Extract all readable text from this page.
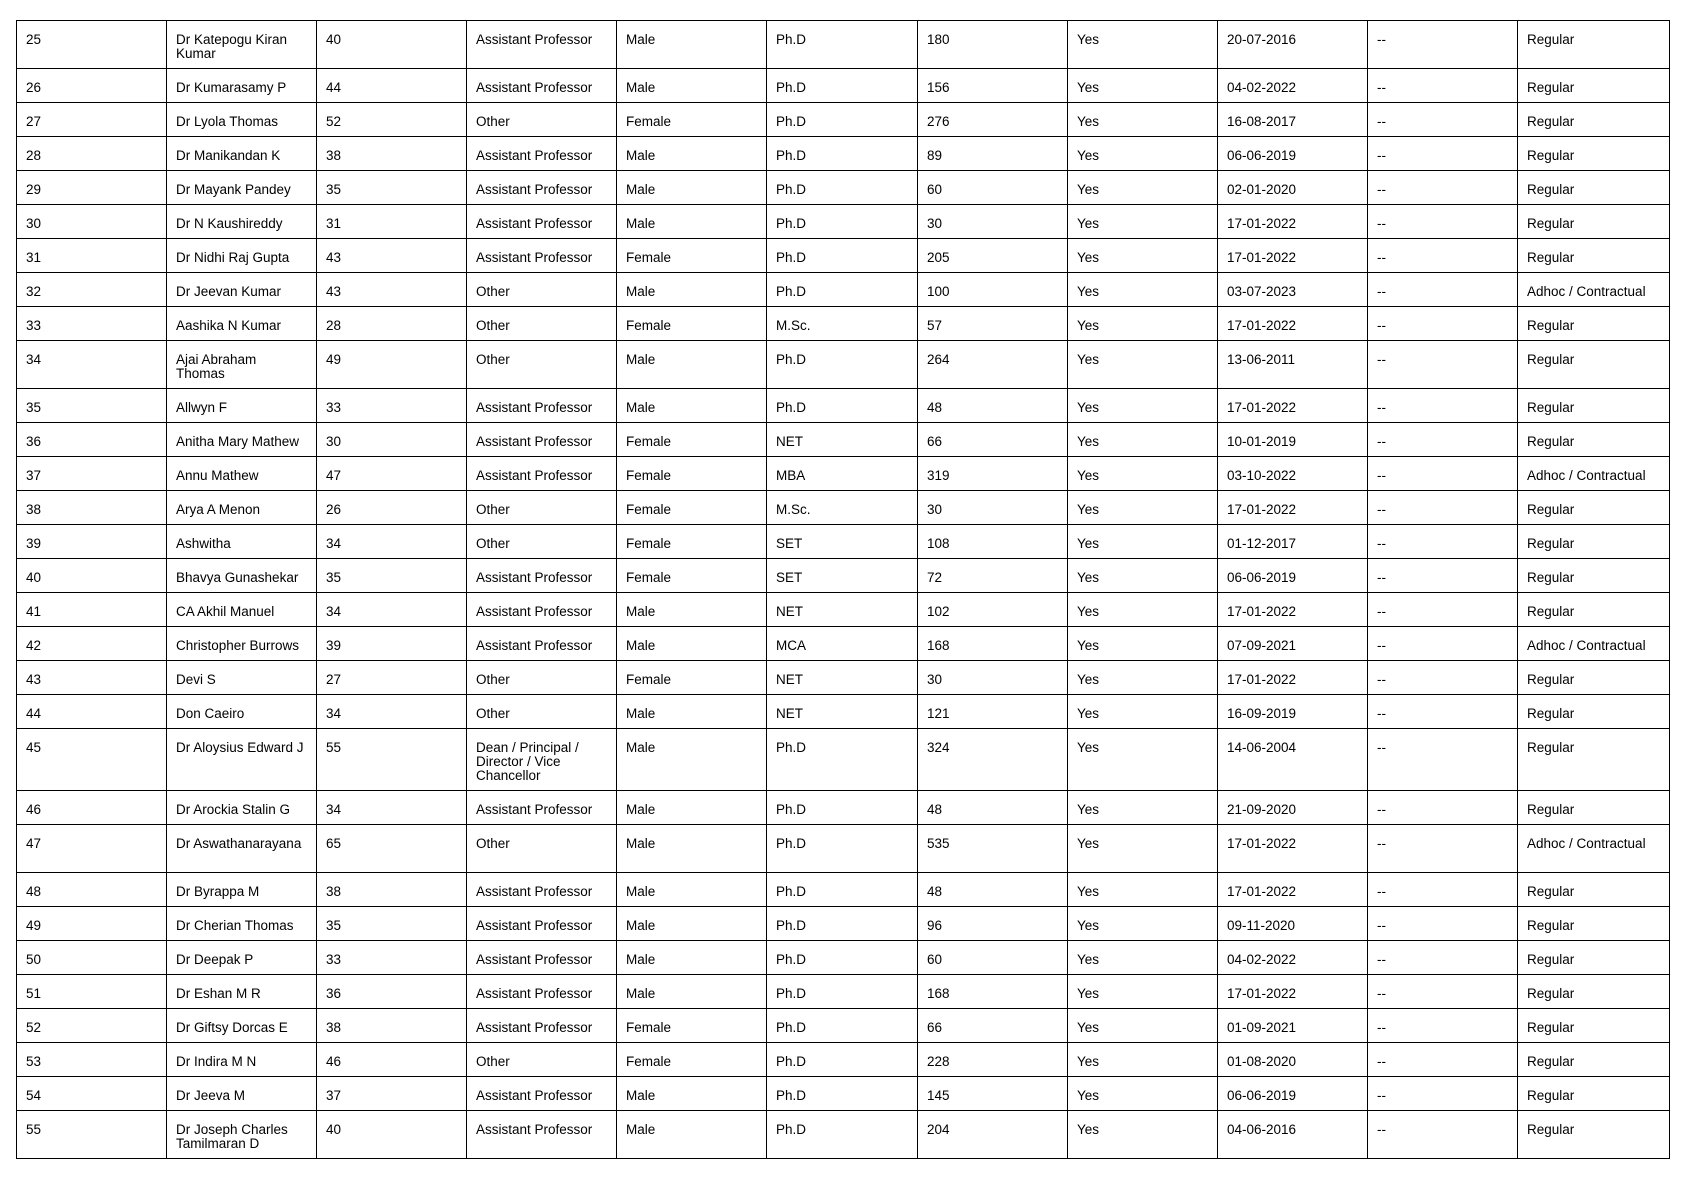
25	Dr Katepogu Kiran Kumar	40	Assistant Professor	Male	Ph.D	180	Yes	20-07-2016	--	Regular
26	Dr Kumarasamy P	44	Assistant Professor	Male	Ph.D	156	Yes	04-02-2022	--	Regular
27	Dr Lyola Thomas	52	Other	Female	Ph.D	276	Yes	16-08-2017	--	Regular
28	Dr Manikandan K	38	Assistant Professor	Male	Ph.D	89	Yes	06-06-2019	--	Regular
29	Dr Mayank Pandey	35	Assistant Professor	Male	Ph.D	60	Yes	02-01-2020	--	Regular
30	Dr N Kaushireddy	31	Assistant Professor	Male	Ph.D	30	Yes	17-01-2022	--	Regular
31	Dr Nidhi Raj Gupta	43	Assistant Professor	Female	Ph.D	205	Yes	17-01-2022	--	Regular
32	Dr Jeevan Kumar	43	Other	Male	Ph.D	100	Yes	03-07-2023	--	Adhoc / Contractual
33	Aashika N Kumar	28	Other	Female	M.Sc.	57	Yes	17-01-2022	--	Regular
34	Ajai Abraham Thomas	49	Other	Male	Ph.D	264	Yes	13-06-2011	--	Regular
35	Allwyn F	33	Assistant Professor	Male	Ph.D	48	Yes	17-01-2022	--	Regular
36	Anitha Mary Mathew	30	Assistant Professor	Female	NET	66	Yes	10-01-2019	--	Regular
37	Annu Mathew	47	Assistant Professor	Female	MBA	319	Yes	03-10-2022	--	Adhoc / Contractual
38	Arya A Menon	26	Other	Female	M.Sc.	30	Yes	17-01-2022	--	Regular
39	Ashwitha	34	Other	Female	SET	108	Yes	01-12-2017	--	Regular
40	Bhavya Gunashekar	35	Assistant Professor	Female	SET	72	Yes	06-06-2019	--	Regular
41	CA Akhil Manuel	34	Assistant Professor	Male	NET	102	Yes	17-01-2022	--	Regular
42	Christopher Burrows	39	Assistant Professor	Male	MCA	168	Yes	07-09-2021	--	Adhoc / Contractual
43	Devi S	27	Other	Female	NET	30	Yes	17-01-2022	--	Regular
44	Don Caeiro	34	Other	Male	NET	121	Yes	16-09-2019	--	Regular
45	Dr Aloysius Edward J	55	Dean / Principal / Director / Vice Chancellor	Male	Ph.D	324	Yes	14-06-2004	--	Regular
46	Dr Arockia Stalin G	34	Assistant Professor	Male	Ph.D	48	Yes	21-09-2020	--	Regular
47	Dr Aswathanarayana	65	Other	Male	Ph.D	535	Yes	17-01-2022	--	Adhoc / Contractual
48	Dr Byrappa M	38	Assistant Professor	Male	Ph.D	48	Yes	17-01-2022	--	Regular
49	Dr Cherian Thomas	35	Assistant Professor	Male	Ph.D	96	Yes	09-11-2020	--	Regular
50	Dr Deepak P	33	Assistant Professor	Male	Ph.D	60	Yes	04-02-2022	--	Regular
51	Dr Eshan M R	36	Assistant Professor	Male	Ph.D	168	Yes	17-01-2022	--	Regular
52	Dr Giftsy Dorcas E	38	Assistant Professor	Female	Ph.D	66	Yes	01-09-2021	--	Regular
53	Dr Indira M N	46	Other	Female	Ph.D	228	Yes	01-08-2020	--	Regular
54	Dr Jeeva M	37	Assistant Professor	Male	Ph.D	145	Yes	06-06-2019	--	Regular
55	Dr Joseph Charles Tamilmaran D	40	Assistant Professor	Male	Ph.D	204	Yes	04-06-2016	--	Regular
